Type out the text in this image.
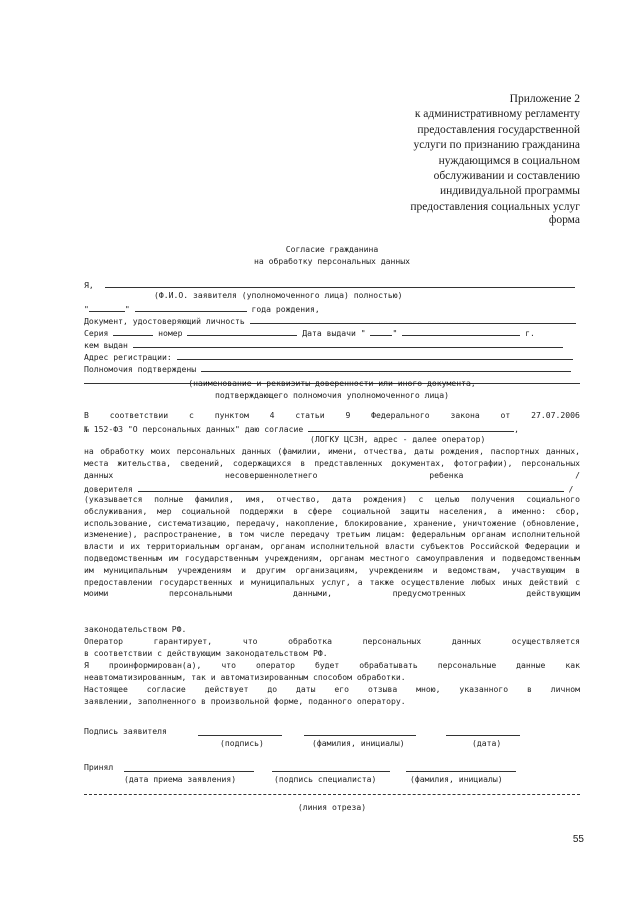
Приложение 2
к административному регламенту
предоставления государственной
услуги по признанию гражданина
нуждающимся в социальном
обслуживании и составлению
индивидуальной программы
предоставления социальных услуг
форма
Согласие гражданина
на обработку персональных данных
Я,
(Ф.И.О. заявителя (уполномоченного лица) полностью)
"	"	года рождения,
Документ, удостоверяющий личность
Серия	номер	Дата выдачи "	"	г.
кем выдан
Адрес регистрации:
Полномочия подтверждены
(наименование и реквизиты доверенности или иного документа,
подтверждающего полномочия уполномоченного лица)
В	соответствии	с	пунктом	4	статьи	9	Федерального	закона	от	27.07.2006
№ 152-ФЗ "О персональных данных" даю согласие	,
(ЛОГКУ ЦСЗН, адрес - далее оператор)
на обработку моих персональных данных (фамилии, имени, отчества, даты рождения, паспортных данных, места жительства, сведений, содержащихся в представленных документах, фотографии), персональных данных несовершеннолетнего ребенка /
доверителя	/
(указывается полные фамилия, имя, отчество, дата рождения) с целью получения социального обслуживания, мер социальной поддержки в сфере социальной защиты населения, а именно: сбор, использование, систематизацию, передачу, накопление, блокирование, хранение, уничтожение (обновление, изменение), распространение, в том числе передачу третьим лицам: федеральным органам исполнительной власти и их территориальным органам, органам исполнительной власти субъектов Российской Федерации и подведомственным им государственным учреждениям, органам местного самоуправления и подведомственным им муниципальным учреждениям и другим организациям, учреждениям и ведомствам, участвующим в предоставлении государственных и муниципальных услуг, а также осуществление любых иных действий с моими персональными данными, предусмотренных действующим
законодательством РФ.
Оператор гарантирует, что обработка персональных данных осуществляется
в соответствии с действующим законодательством РФ.
Я проинформирован(а), что оператор будет обрабатывать персональные данные как
неавтоматизированным, так и автоматизированным способом обработки.
Настоящее согласие действует до даты его отзыва мною, указанного в личном
заявлении, заполненного в произвольной форме, поданного оператору.
Подпись заявителя
(подпись)	(фамилия, инициалы)	(дата)
Принял
(дата приема заявления)	(подпись специалиста)	(фамилия, инициалы)
(линия отреза)
55
